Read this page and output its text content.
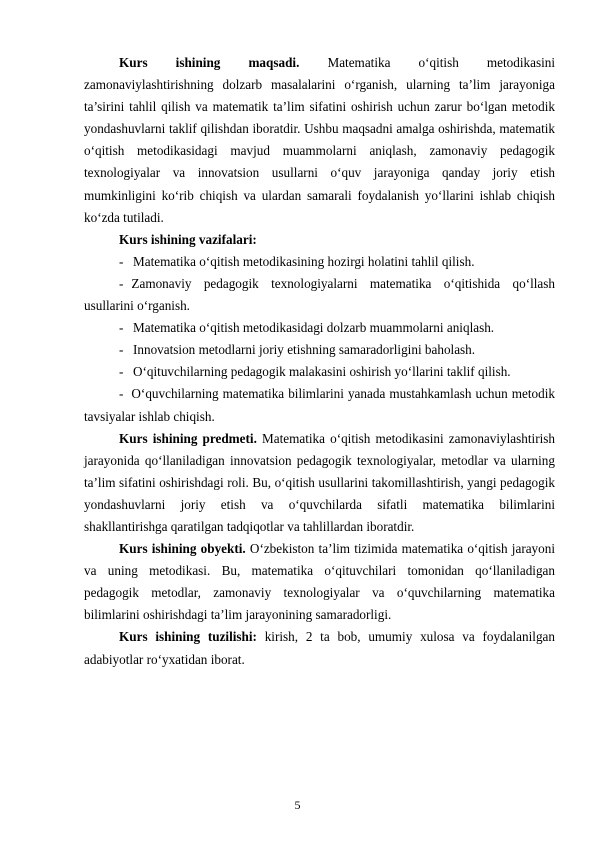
Kurs ishining maqsadi. Matematika o‘qitish metodikasini zamonaviylashtirishning dolzarb masalalarini o‘rganish, ularning ta’lim jarayoniga ta’sirini tahlil qilish va matematik ta’lim sifatini oshirish uchun zarur bo‘lgan metodik yondashuvlarni taklif qilishdan iboratdir. Ushbu maqsadni amalga oshirishda, matematik o‘qitish metodikasidagi mavjud muammolarni aniqlash, zamonaviy pedagogik texnologiyalar va innovatsion usullarni o‘quv jarayoniga qanday joriy etish mumkinligini ko‘rib chiqish va ulardan samarali foydalanish yo‘llarini ishlab chiqish ko‘zda tutiladi.

Kurs ishining vazifalari:

- Matematika o‘qitish metodikasining hozirgi holatini tahlil qilish.

- Zamonaviy pedagogik texnologiyalarni matematika o‘qitishida qo‘llash usullarini o‘rganish.

- Matematika o‘qitish metodikasidagi dolzarb muammolarni aniqlash.

- Innovatsion metodlarni joriy etishning samaradorligini baholash.

- O‘qituvchilarning pedagogik malakasini oshirish yo‘llarini taklif qilish.

- O‘quvchilarning matematika bilimlarini yanada mustahkamlash uchun metodik tavsiyalar ishlab chiqish.

Kurs ishining predmeti. Matematika o‘qitish metodikasini zamonaviylashtirish jarayonida qo‘llaniladigan innovatsion pedagogik texnologiyalar, metodlar va ularning ta’lim sifatini oshirishdagi roli. Bu, o‘qitish usullarini takomillashtirish, yangi pedagogik yondashuvlarni joriy etish va o‘quvchilarda sifatli matematika bilimlarini shakllantirishga qaratilgan tadqiqotlar va tahlillardan iboratdir.

Kurs ishining obyekti. O‘zbekiston ta’lim tizimida matematika o‘qitish jarayoni va uning metodikasi. Bu, matematika o‘qituvchilari tomonidan qo‘llaniladigan pedagogik metodlar, zamonaviy texnologiyalar va o‘quvchilarning matematika bilimlarini oshirishdagi ta’lim jarayonining samaradorligi.

Kurs ishining tuzilishi: kirish, 2 ta bob, umumiy xulosa va foydalanilgan adabiyotlar ro‘yxatidan iborat.

5
